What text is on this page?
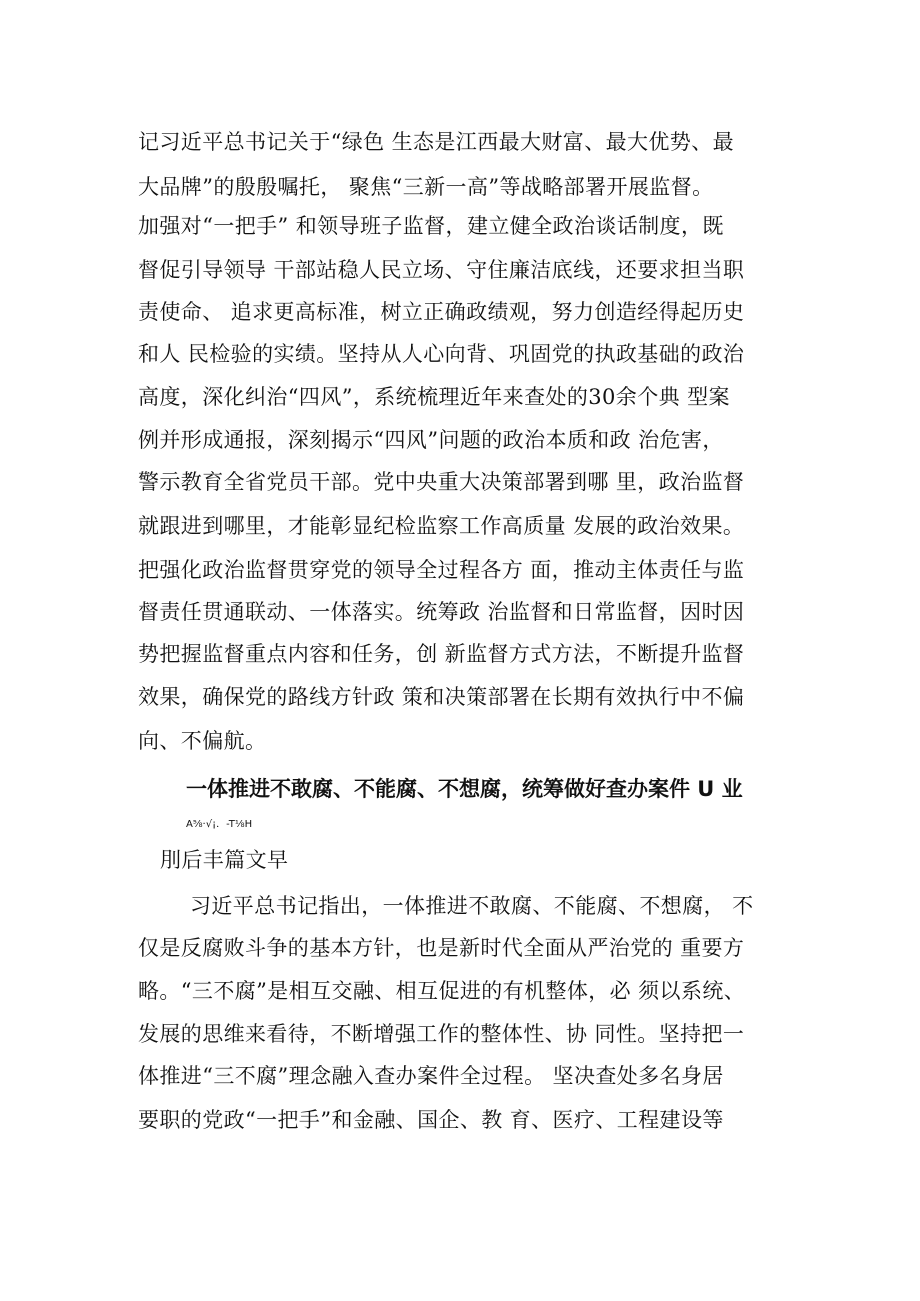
记习近平总书记关于“绿色 生态是江西最大财富、最大优势、最
大品牌”的殷殷嘱托， 聚焦“三新一高”等战略部署开展监督。
加强对“一把手” 和领导班子监督，建立健全政治谈话制度，既
督促引导领导 干部站稳人民立场、守住廉洁底线，还要求担当职
责使命、 追求更高标准，树立正确政绩观，努力创造经得起历史
和人 民检验的实绩。坚持从人心向背、巩固党的执政基础的政治
高度，深化纠治“四风”，系统梳理近年来查处的30余个典 型案
例并形成通报，深刻揭示“四风”问题的政治本质和政 治危害，
警示教育全省党员干部。党中央重大决策部署到哪 里，政治监督
就跟进到哪里，才能彰显纪检监察工作高质量 发展的政治效果。
把强化政治监督贯穿党的领导全过程各方 面，推动主体责任与监
督责任贯通联动、一体落实。统筹政 治监督和日常监督，因时因
势把握监督重点内容和任务，创 新监督方式方法，不断提升监督
效果，确保党的路线方针政 策和决策部署在长期有效执行中不偏
向、不偏航。
一体推进不敢腐、不能腐、不想腐，统筹做好查办案件 U 业
A⅝·√¡．-T⅛H
刖后丰篇文早
习近平总书记指出，一体推进不敢腐、不能腐、不想腐， 不
仅是反腐败斗争的基本方针，也是新时代全面从严治党的 重要方
略。“三不腐”是相互交融、相互促进的有机整体，必 须以系统、
发展的思维来看待，不断增强工作的整体性、协 同性。坚持把一
体推进“三不腐”理念融入查办案件全过程。 坚决查处多名身居
要职的党政“一把手”和金融、国企、教 育、医疗、工程建设等
